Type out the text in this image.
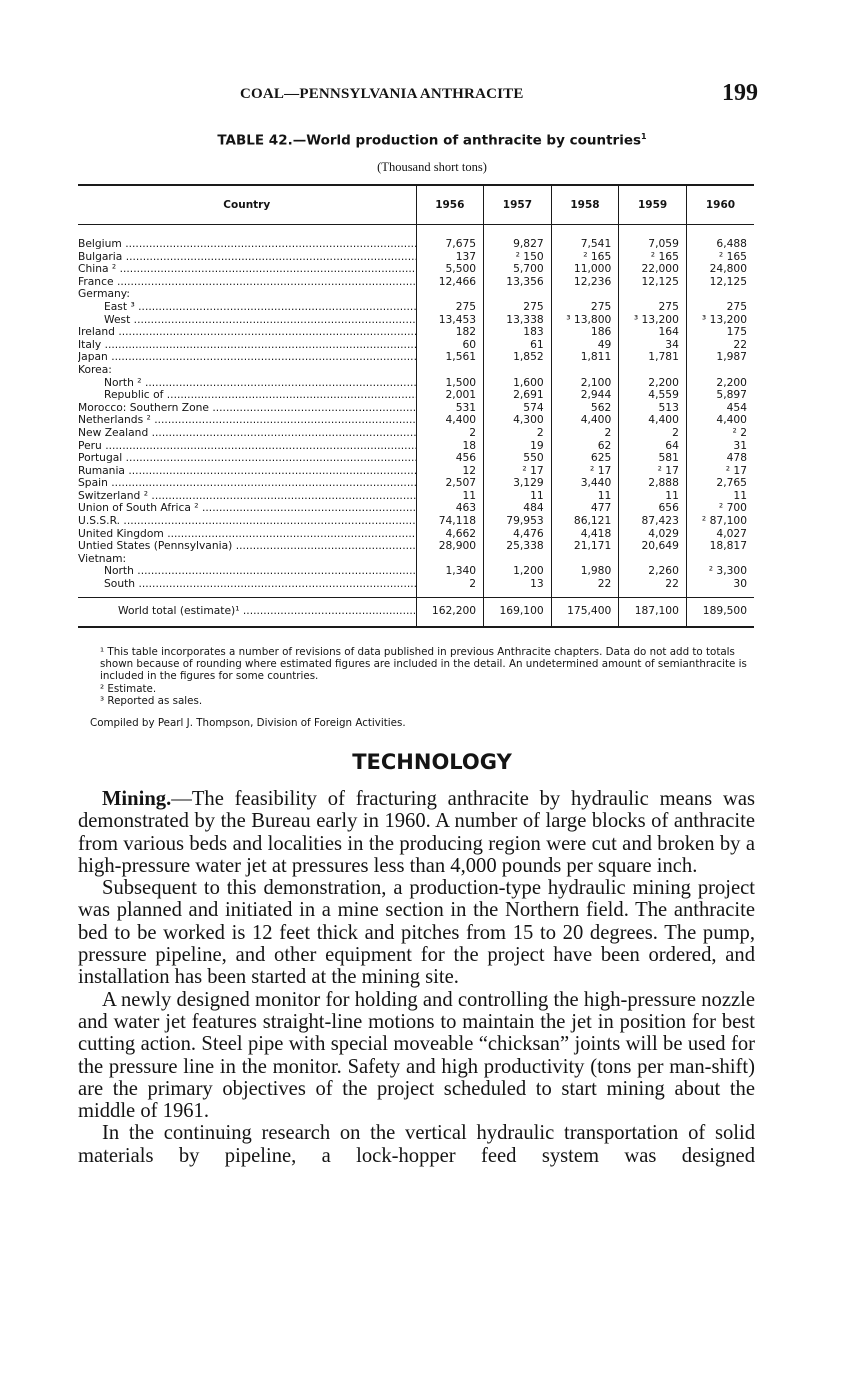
COAL—PENNSYLVANIA ANTHRACITE	199
TABLE 42.—World production of anthracite by countries$^1$
(Thousand short tons)
Country	1956	1957	1958	1959	1960

Belgium .....	7,675	9,827	7,541	7,059	6,488

Bulgaria .....	137	² 150	² 165	² 165	² 165

China ² .....	5,500	5,700	11,000	22,000	24,800

France .....	12,466	13,356	12,236	12,125	12,125

Germany:					

East ³ .....	275	275	275	275	275

West .....	13,453	13,338	³ 13,800	³ 13,200	³ 13,200

Ireland .....	182	183	186	164	175

Italy .....	60	61	49	34	22

Japan .....	1,561	1,852	1,811	1,781	1,987

Korea:					

North ² .....	1,500	1,600	2,100	2,200	2,200

Republic of .....	2,001	2,691	2,944	4,559	5,897

Morocco: Southern Zone .....	531	574	562	513	454

Netherlands ² .....	4,400	4,300	4,400	4,400	4,400

New Zealand .....	2	2	2	2	² 2

Peru .....	18	19	62	64	31

Portugal .....	456	550	625	581	478

Rumania .....	12	² 17	² 17	² 17	² 17

Spain .....	2,507	3,129	3,440	2,888	2,765

Switzerland ² .....	11	11	11	11	11

Union of South Africa ² .....	463	484	477	656	² 700

U.S.S.R. .....	74,118	79,953	86,121	87,423	² 87,100

United Kingdom .....	4,662	4,476	4,418	4,029	4,027

Untied States (Pennsylvania) .....	28,900	25,338	21,171	20,649	18,817

Vietnam:					

North .....	1,340	1,200	1,980	2,260	² 3,300

South .....	2	13	22	22	30

World total (estimate)¹ .....	162,200	169,100	175,400	187,100	189,500

¹ This table incorporates a number of revisions of data published in previous Anthracite chapters. Data do not add to totals shown because of rounding where estimated figures are included in the detail. An undetermined amount of semianthracite is included in the figures for some countries.

² Estimate.

³ Reported as sales.

Compiled by Pearl J. Thompson, Division of Foreign Activities.

TECHNOLOGY

Mining.—The feasibility of fracturing anthracite by hydraulic means was demonstrated by the Bureau early in 1960. A number of large blocks of anthracite from various beds and localities in the producing region were cut and broken by a high-pressure water jet at pressures less than 4,000 pounds per square inch.

Subsequent to this demonstration, a production-type hydraulic mining project was planned and initiated in a mine section in the Northern field. The anthracite bed to be worked is 12 feet thick and pitches from 15 to 20 degrees. The pump, pressure pipeline, and other equipment for the project have been ordered, and installation has been started at the mining site.

A newly designed monitor for holding and controlling the high-pressure nozzle and water jet features straight-line motions to maintain the jet in position for best cutting action. Steel pipe with special moveable “chicksan” joints will be used for the pressure line in the monitor. Safety and high productivity (tons per man-shift) are the primary objectives of the project scheduled to start mining about the middle of 1961.

In the continuing research on the vertical hydraulic transportation of solid materials by pipeline, a lock-hopper feed system was designed
